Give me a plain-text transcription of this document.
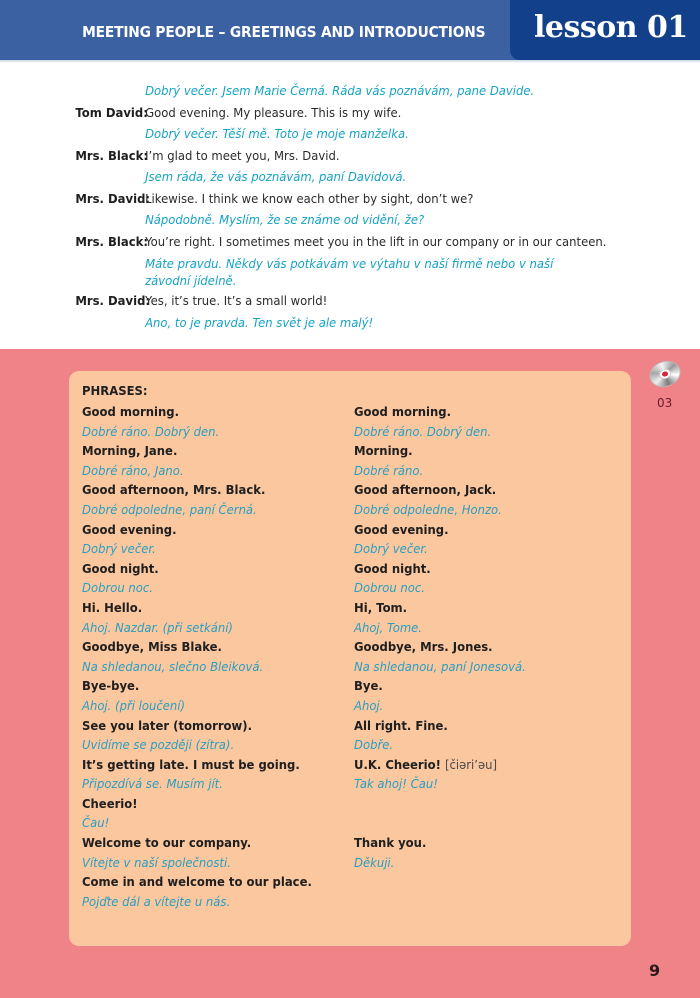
MEETING PEOPLE – GREETINGS AND INTRODUCTIONS lesson 01
Dobrý večer. Jsem Marie Černá. Ráda vás poznávám, pane Davide.
Tom David:
Good evening. My pleasure. This is my wife.
Dobrý večer. Těší mě. Toto je moje manželka.
Mrs. Black:
I’m glad to meet you, Mrs. David.
Jsem ráda, že vás poznávám, paní Davidová.
Mrs. David:
Likewise. I think we know each other by sight, don’t we?
Nápodobně. Myslím, že se známe od vidění, že?
Mrs. Black:
You’re right. I sometimes meet you in the lift in our company or in our canteen.
Máte pravdu. Někdy vás potkávám ve výtahu v naší firmě nebo v naší závodní jídelně.
Mrs. David:
Yes, it’s true. It’s a small world!
Ano, to je pravda. Ten svět je ale malý!
PHRASES:
Good morning.
Dobré ráno. Dobrý den.
Morning, Jane.
Dobré ráno, Jano.
Good afternoon, Mrs. Black.
Dobré odpoledne, paní Černá.
Good evening.
Dobrý večer.
Good night.
Dobrou noc.
Hi. Hello.
Ahoj. Nazdar. (při setkání)
Goodbye, Miss Blake.
Na shledanou, slečno Bleiková.
Bye-bye.
Ahoj. (při loučení)
See you later (tomorrow).
Uvidíme se později (zítra).
It’s getting late. I must be going.
Připozdívá se. Musím jít.
Cheerio!
Čau!
Welcome to our company.
Vítejte v naší společnosti.
Come in and welcome to our place.
Pojďte dál a vítejte u nás.
Good morning.
Dobré ráno. Dobrý den.
Morning.
Dobré ráno.
Good afternoon, Jack.
Dobré odpoledne, Honzo.
Good evening.
Dobrý večer.
Good night.
Dobrou noc.
Hi, Tom.
Ahoj, Tome.
Goodbye, Mrs. Jones.
Na shledanou, paní Jonesová.
Bye.
Ahoj.
All right. Fine.
Dobře.
U.K. Cheerio! [čiəri’əu]
Tak ahoj! Čau!
Thank you.
Děkuji.
03
9
